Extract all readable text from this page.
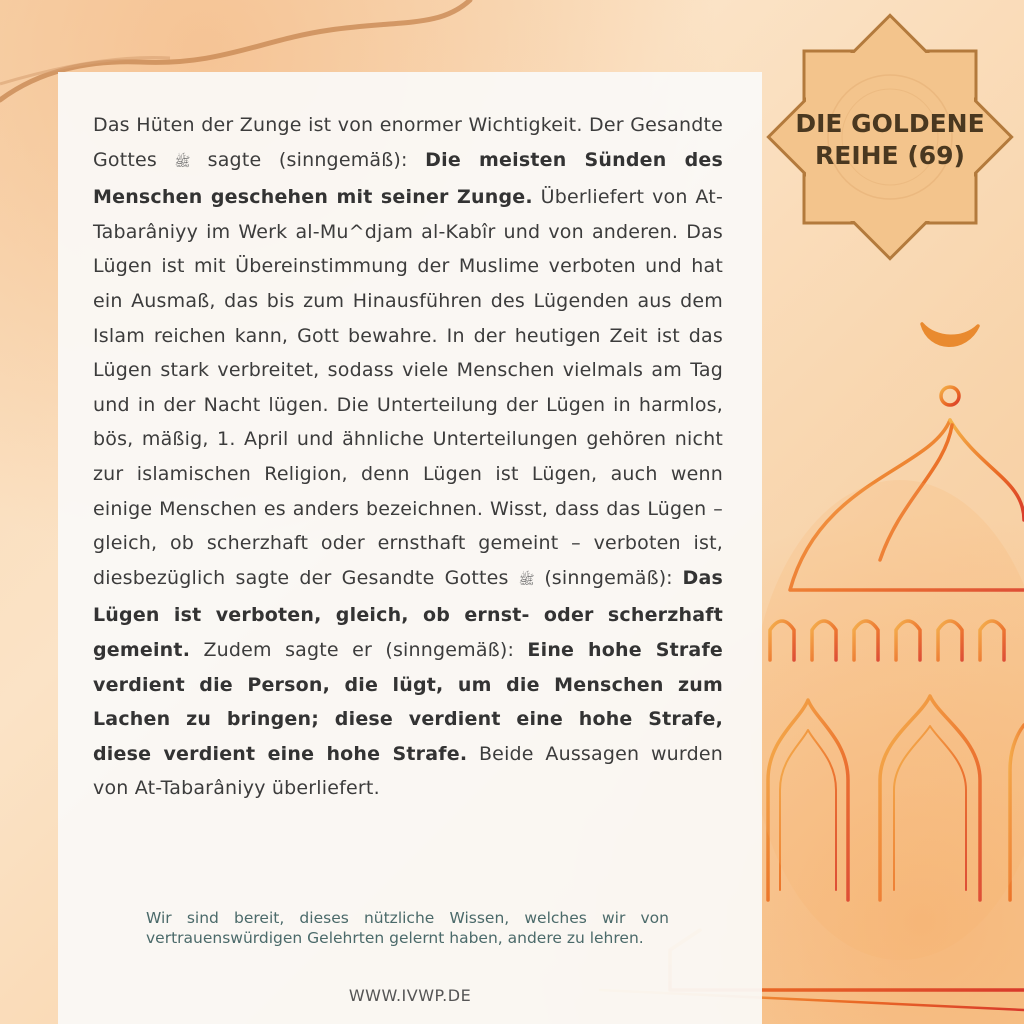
DIE GOLDENE
REIHE (69)
Das Hüten der Zunge ist von enormer Wichtigkeit. Der Gesandte Gottes ﷺ sagte (sinngemäß): Die meisten Sünden des Menschen geschehen mit seiner Zunge. Überliefert von At-Tabarâniyy im Werk al-Mu^djam al-Kabîr und von anderen. Das Lügen ist mit Übereinstimmung der Muslime verboten und hat ein Ausmaß, das bis zum Hinausführen des Lügenden aus dem Islam reichen kann, Gott bewahre. In der heutigen Zeit ist das Lügen stark verbreitet, sodass viele Menschen vielmals am Tag und in der Nacht lügen. Die Unterteilung der Lügen in harmlos, bös, mäßig, 1. April und ähnliche Unterteilungen gehören nicht zur islamischen Religion, denn Lügen ist Lügen, auch wenn einige Menschen es anders bezeichnen. Wisst, dass das Lügen – gleich, ob scherzhaft oder ernsthaft gemeint – verboten ist, diesbezüglich sagte der Gesandte Gottes ﷺ (sinngemäß): Das Lügen ist verboten, gleich, ob ernst- oder scherzhaft gemeint. Zudem sagte er (sinngemäß): Eine hohe Strafe verdient die Person, die lügt, um die Menschen zum Lachen zu bringen; diese verdient eine hohe Strafe, diese verdient eine hohe Strafe. Beide Aussagen wurden von At-Tabarâniyy überliefert.
Wir sind bereit, dieses nützliche Wissen, welches wir von vertrauenswürdigen Gelehrten gelernt haben, andere zu lehren.
WWW.IVWP.DE
